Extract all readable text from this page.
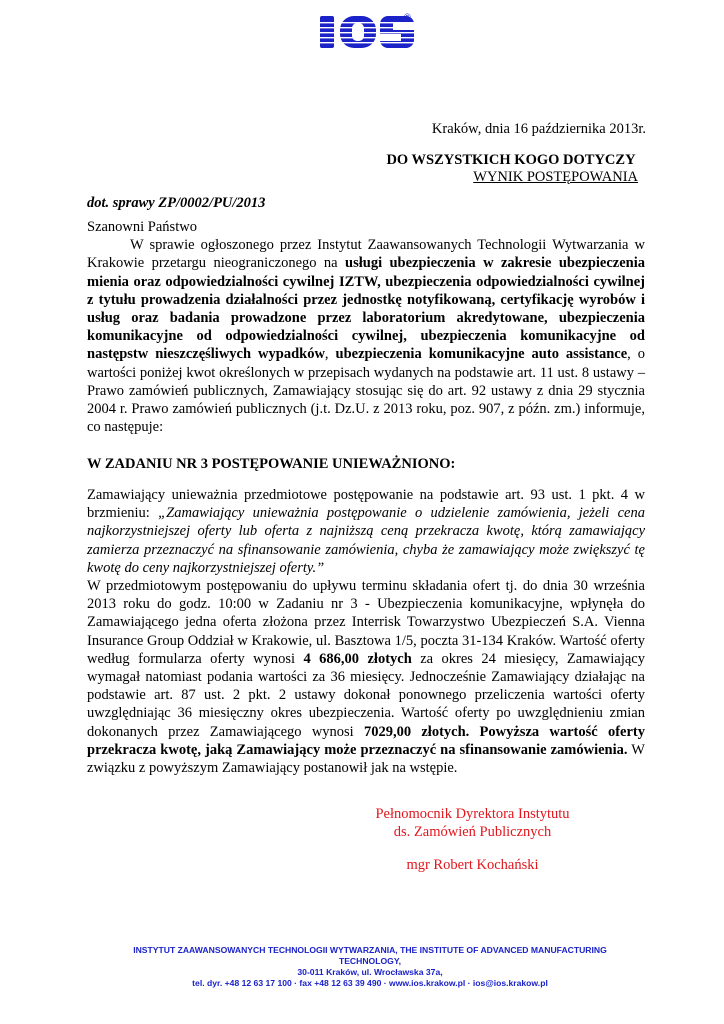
IOS	®
Kraków, dnia 16 października 2013r.
DO WSZYSTKICH KOGO DOTYCZY
WYNIK POSTĘPOWANIA
dot. sprawy ZP/0002/PU/2013

Szanowni Państwo

W sprawie ogłoszonego przez Instytut Zaawansowanych Technologii Wytwarzania w Krakowie przetargu nieograniczonego na usługi ubezpieczenia w zakresie ubezpieczenia mienia oraz odpowiedzialności cywilnej IZTW, ubezpieczenia odpowiedzialności cywilnej z tytułu prowadzenia działalności przez jednostkę notyfikowaną, certyfikację wyrobów i usług oraz badania prowadzone przez laboratorium akredytowane, ubezpieczenia komunikacyjne od odpowiedzialności cywilnej, ubezpieczenia komunikacyjne od następstw nieszczęśliwych wypadków, ubezpieczenia komunikacyjne auto assistance, o wartości poniżej kwot określonych w przepisach wydanych na podstawie art. 11 ust. 8 ustawy – Prawo zamówień publicznych, Zamawiający stosując się do art. 92 ustawy z dnia 29 stycznia 2004 r. Prawo zamówień publicznych (j.t. Dz.U. z 2013 roku, poz. 907, z późn. zm.) informuje, co następuje:

W ZADANIU NR 3 POSTĘPOWANIE UNIEWAŻNIONO:

Zamawiający unieważnia przedmiotowe postępowanie na podstawie art. 93 ust. 1 pkt. 4 w brzmieniu: „Zamawiający unieważnia postępowanie o udzielenie zamówienia, jeżeli cena najkorzystniejszej oferty lub oferta z najniższą ceną przekracza kwotę, którą zamawiający zamierza przeznaczyć na sfinansowanie zamówienia, chyba że zamawiający może zwiększyć tę kwotę do ceny najkorzystniejszej oferty.”

W przedmiotowym postępowaniu do upływu terminu składania ofert tj. do dnia 30 września 2013 roku do godz. 10:00 w Zadaniu nr 3 - Ubezpieczenia komunikacyjne, wpłynęła do Zamawiającego jedna oferta złożona przez Interrisk Towarzystwo Ubezpieczeń S.A. Vienna Insurance Group Oddział w Krakowie, ul. Basztowa 1/5, poczta 31-134 Kraków. Wartość oferty według formularza oferty wynosi 4 686,00 złotych za okres 24 miesięcy, Zamawiający wymagał natomiast podania wartości za 36 miesięcy. Jednocześnie Zamawiający działając na podstawie art. 87 ust. 2 pkt. 2 ustawy dokonał ponownego przeliczenia wartości oferty uwzględniając 36 miesięczny okres ubezpieczenia. Wartość oferty po uwzględnieniu zmian dokonanych przez Zamawiającego wynosi 7029,00 złotych. Powyższa wartość oferty przekracza kwotę, jaką Zamawiający może przeznaczyć na sfinansowanie zamówienia. W związku z powyższym Zamawiający postanowił jak na wstępie.

Pełnomocnik Dyrektora Instytutu
ds. Zamówień Publicznych
mgr Robert Kochański
INSTYTUT ZAAWANSOWANYCH TECHNOLOGII WYTWARZANIA, THE INSTITUTE OF ADVANCED MANUFACTURING
TECHNOLOGY,
30-011 Kraków, ul. Wrocławska 37a,
tel. dyr. +48 12 63 17 100 · fax +48 12 63 39 490 · www.ios.krakow.pl · ios@ios.krakow.pl
